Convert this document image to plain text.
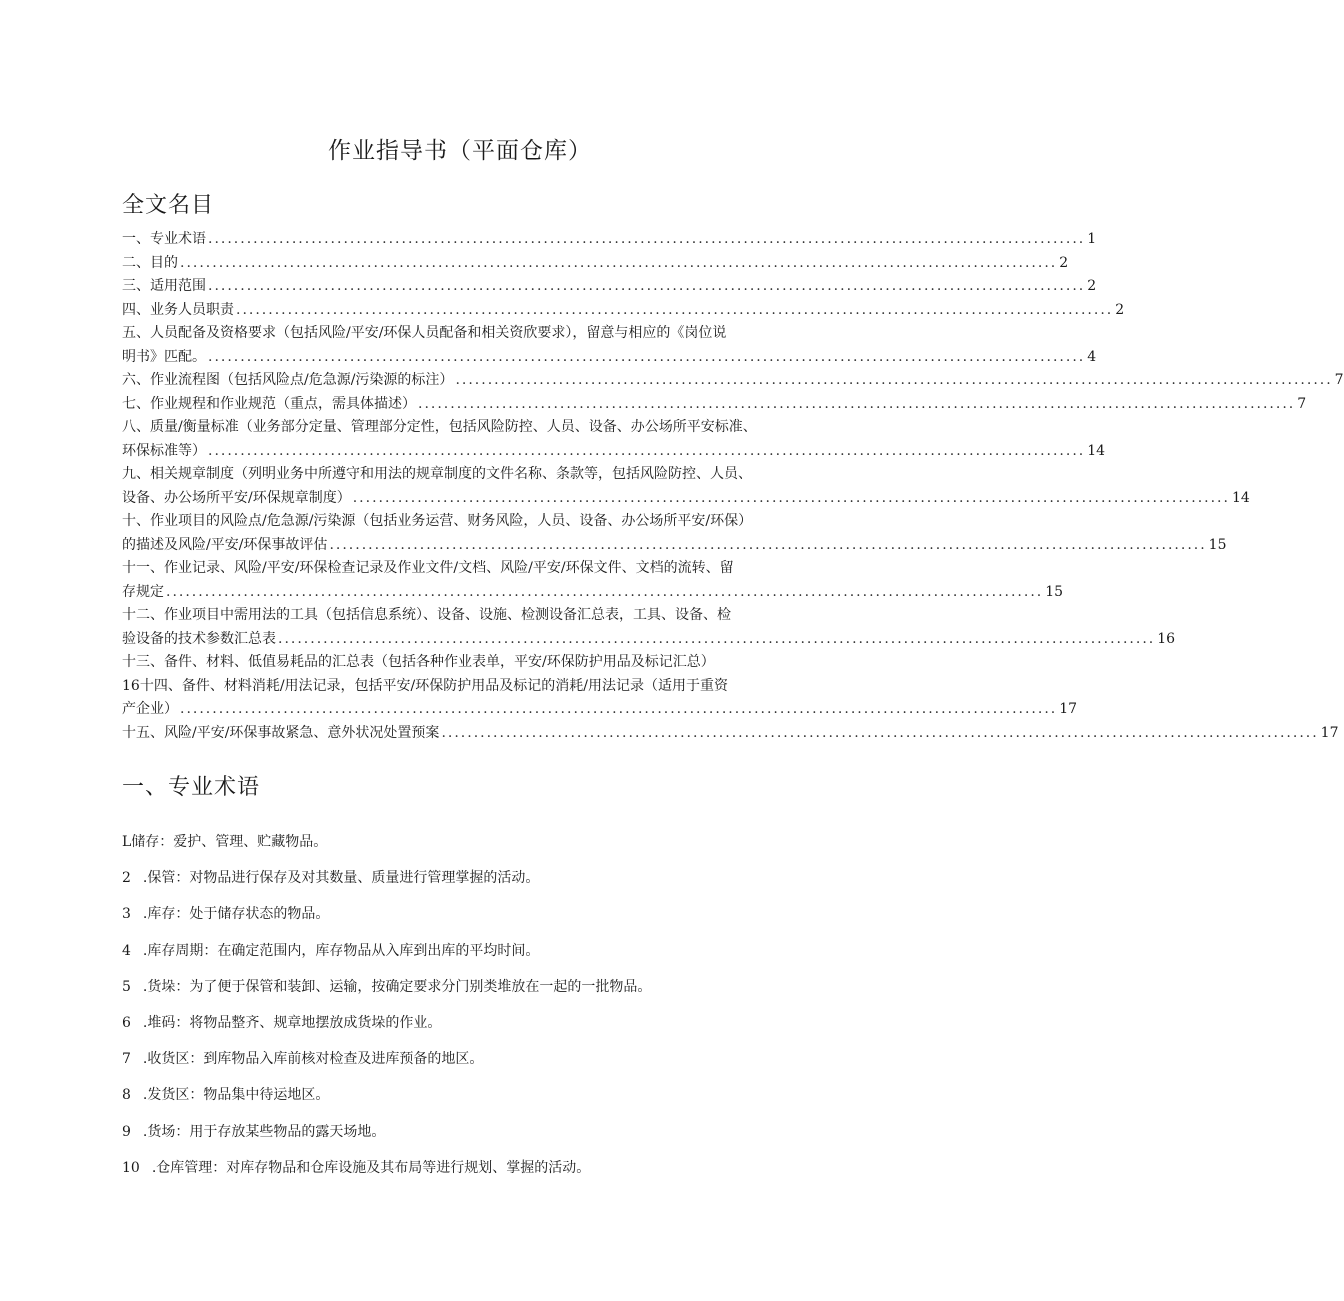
作业指导书（平面仓库）
全文名目
一、专业术语 ........................................................................................................................................ 1
二、目的 ........................................................................................................................................ 2
三、适用范围 ........................................................................................................................................ 2
四、业务人员职责 ........................................................................................................................................ 2
五、人员配备及资格要求（包括风险/平安/环保人员配备和相关资欣要求），留意与相应的《岗位说
明书》匹配。 ........................................................................................................................................ 4
六、作业流程图（包括风险点/危急源/污染源的标注） ........................................................................................................................................ 7
七、作业规程和作业规范（重点，需具体描述） ........................................................................................................................................ 7
八、质量/衡量标准（业务部分定量、管理部分定性，包括风险防控、人员、设备、办公场所平安标准、
环保标准等） ........................................................................................................................................ 14
九、相关规章制度（列明业务中所遵守和用法的规章制度的文件名称、条款等，包括风险防控、人员、
设备、办公场所平安/环保规章制度） ........................................................................................................................................ 14
十、作业项目的风险点/危急源/污染源（包括业务运营、财务风险，人员、设备、办公场所平安/环保）
的描述及风险/平安/环保事故评估 ........................................................................................................................................ 15
十一、作业记录、风险/平安/环保检查记录及作业文件/文档、风险/平安/环保文件、文档的流转、留
存规定 ........................................................................................................................................ 15
十二、作业项目中需用法的工具（包括信息系统）、设备、设施、检测设备汇总表，工具、设备、检
验设备的技术参数汇总表 ........................................................................................................................................ 16
十三、备件、材料、低值易耗品的汇总表（包括各种作业表单，平安/环保防护用品及标记汇总）
16十四、备件、材料消耗/用法记录，包括平安/环保防护用品及标记的消耗/用法记录（适用于重资
产企业） ........................................................................................................................................ 17
十五、风险/平安/环保事故紧急、意外状况处置预案 ........................................................................................................................................ 17
一、专业术语
L储存：爱护、管理、贮藏物品。
2 .保管：对物品进行保存及对其数量、质量进行管理掌握的活动。
3 .库存：处于储存状态的物品。
4 .库存周期：在确定范围内，库存物品从入库到出库的平均时间。
5 .货垛：为了便于保管和装卸、运输，按确定要求分门别类堆放在一起的一批物品。
6 .堆码：将物品整齐、规章地摆放成货垛的作业。
7 .收货区：到库物品入库前核对检查及进库预备的地区。
8 .发货区：物品集中待运地区。
9 .货场：用于存放某些物品的露天场地。
10 .仓库管理：对库存物品和仓库设施及其布局等进行规划、掌握的活动。
